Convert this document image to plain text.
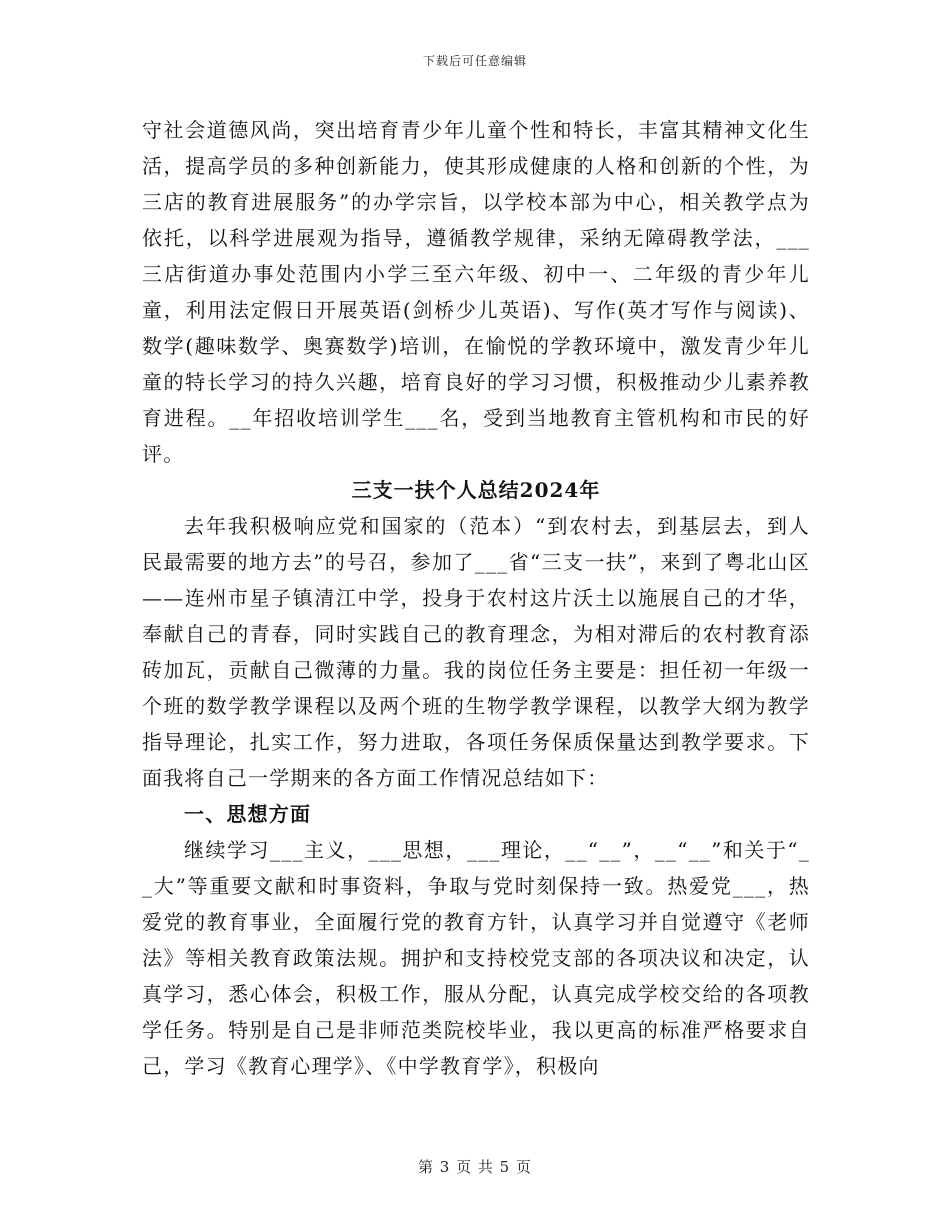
下载后可任意编辑

守社会道德风尚，突出培育青少年儿童个性和特长，丰富其精神文化生活，提高学员的多种创新能力，使其形成健康的人格和创新的个性，为三店的教育进展服务”的办学宗旨，以学校本部为中心，相关教学点为依托，以科学进展观为指导，遵循教学规律，采纳无障碍教学法，___三店街道办事处范围内小学三至六年级、初中一、二年级的青少年儿童，利用法定假日开展英语(剑桥少儿英语)、写作(英才写作与阅读)、数学(趣味数学、奥赛数学)培训，在愉悦的学教环境中，激发青少年儿童的特长学习的持久兴趣，培育良好的学习习惯，积极推动少儿素养教育进程。__年招收培训学生___名，受到当地教育主管机构和市民的好评。

三支一扶个人总结2024年

去年我积极响应党和国家的（范本）“到农村去，到基层去，到人民最需要的地方去”的号召，参加了___省“三支一扶”，来到了粤北山区——连州市星子镇清江中学，投身于农村这片沃土以施展自己的才华，奉献自己的青春，同时实践自己的教育理念，为相对滞后的农村教育添砖加瓦，贡献自己微薄的力量。我的岗位任务主要是：担任初一年级一个班的数学教学课程以及两个班的生物学教学课程，以教学大纲为教学指导理论，扎实工作，努力进取，各项任务保质保量达到教学要求。下面我将自己一学期来的各方面工作情况总结如下：

一、思想方面

继续学习___主义，___思想，___理论，__“__”，__“__”和关于“__大”等重要文献和时事资料，争取与党时刻保持一致。热爱党___，热爱党的教育事业，全面履行党的教育方针，认真学习并自觉遵守《老师法》等相关教育政策法规。拥护和支持校党支部的各项决议和决定，认真学习，悉心体会，积极工作，服从分配，认真完成学校交给的各项教学任务。特别是自己是非师范类院校毕业，我以更高的标准严格要求自己，学习《教育心理学》、《中学教育学》，积极向

第 3 页 共 5 页
